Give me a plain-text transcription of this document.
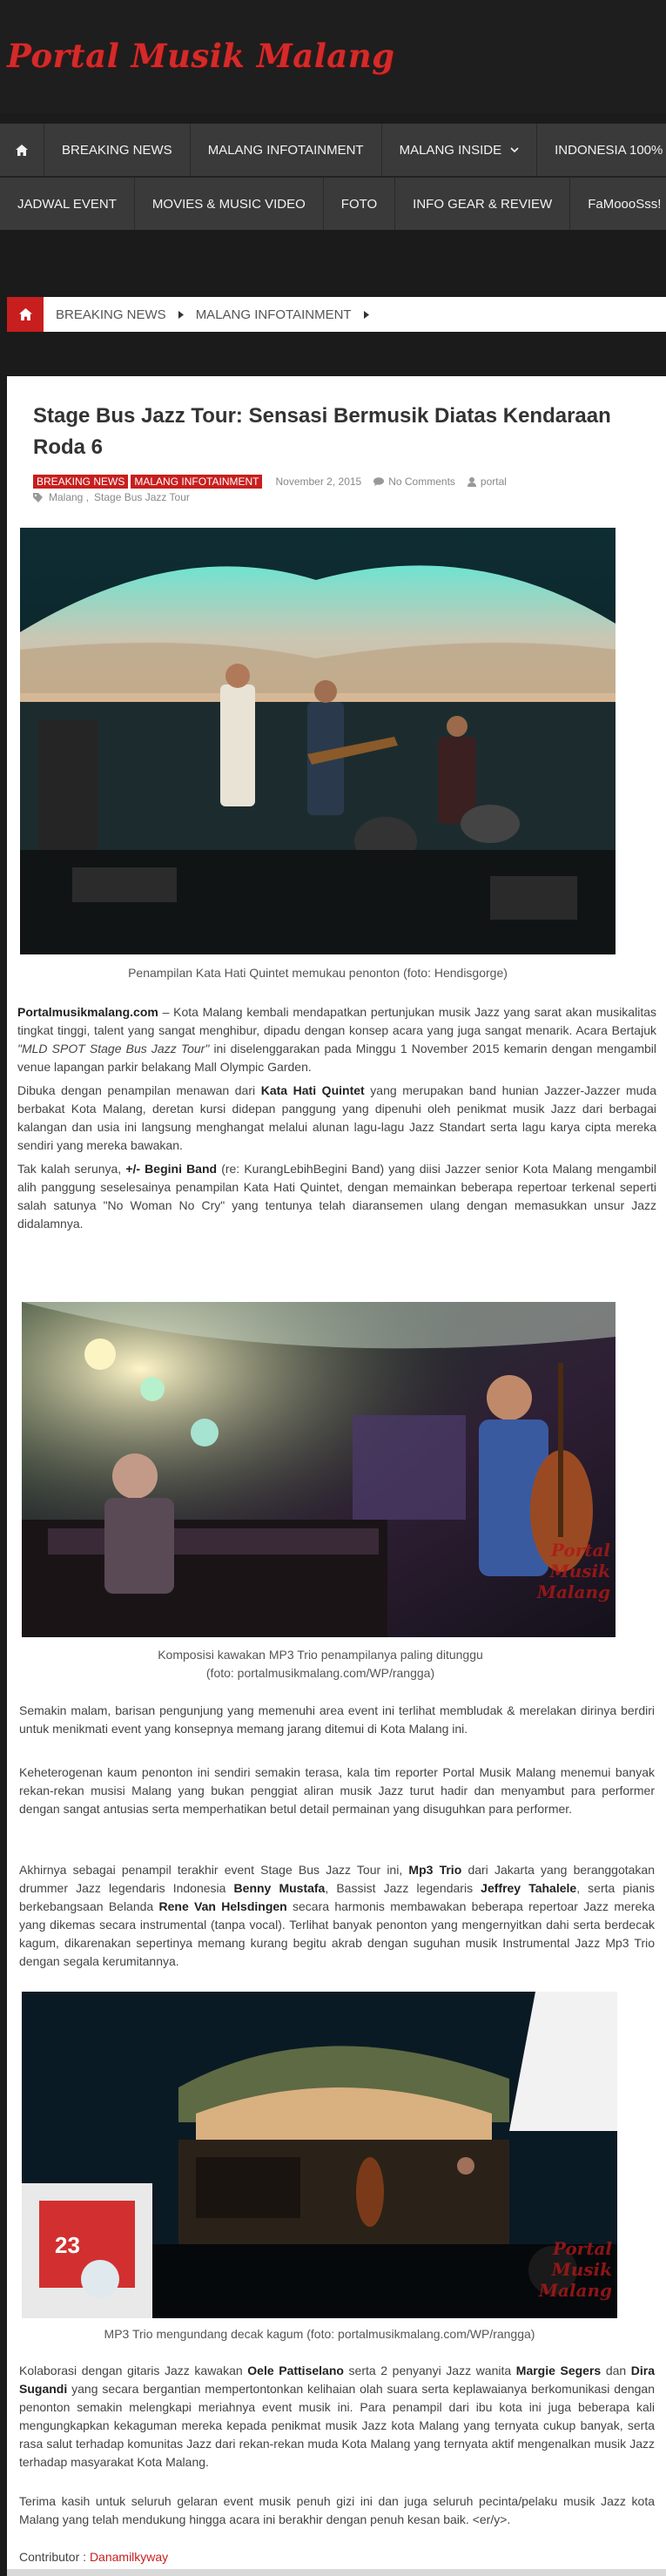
Portal Musik Malang
BREAKING NEWS	MALANG INFOTAINMENT	MALANG INSIDE	INDONESIA 100%
JADWAL EVENT	MOVIES & MUSIC VIDEO	FOTO	INFO GEAR & REVIEW	FaMoooSss!
BREAKING NEWS MALANG INFOTAINMENT
Stage Bus Jazz Tour: Sensasi Bermusik Diatas Kendaraan Roda 6
BREAKING NEWS MALANG INFOTAINMENT	November 2, 2015	No Comments portal
Malang , Stage Bus Jazz Tour
Penampilan Kata Hati Quintet memukau penonton (foto: Hendisgorge)

Portalmusikmalang.com – Kota Malang kembali mendapatkan pertunjukan musik Jazz yang sarat akan musikalitas tingkat tinggi, talent yang sangat menghibur, dipadu dengan konsep acara yang juga sangat menarik. Acara Bertajuk "MLD SPOT Stage Bus Jazz Tour" ini diselenggarakan pada Minggu 1 November 2015 kemarin dengan mengambil venue lapangan parkir belakang Mall Olympic Garden.

Dibuka dengan penampilan menawan dari Kata Hati Quintet yang merupakan band hunian Jazzer-Jazzer muda berbakat Kota Malang, deretan kursi didepan panggung yang dipenuhi oleh penikmat musik Jazz dari berbagai kalangan dan usia ini langsung menghangat melalui alunan lagu-lagu Jazz Standart serta lagu karya cipta mereka sendiri yang mereka bawakan.

Tak kalah serunya, +/- Begini Band (re: KurangLebihBegini Band) yang diisi Jazzer senior Kota Malang mengambil alih panggung seselesainya penampilan Kata Hati Quintet, dengan memainkan beberapa repertoar terkenal seperti salah satunya "No Woman No Cry" yang tentunya telah diaransemen ulang dengan memasukkan unsur Jazz didalamnya.

Portal Musik Malang
Komposisi kawakan MP3 Trio penampilanya paling ditunggu (foto: portalmusikmalang.com/WP/rangga)

Semakin malam, barisan pengunjung yang memenuhi area event ini terlihat membludak & merelakan dirinya berdiri untuk menikmati event yang konsepnya memang jarang ditemui di Kota Malang ini.

Keheterogenan kaum penonton ini sendiri semakin terasa, kala tim reporter Portal Musik Malang menemui banyak rekan-rekan musisi Malang yang bukan penggiat aliran musik Jazz turut hadir dan menyambut para performer dengan sangat antusias serta memperhatikan betul detail permainan yang disuguhkan para performer.

Akhirnya sebagai penampil terakhir event Stage Bus Jazz Tour ini, Mp3 Trio dari Jakarta yang beranggotakan drummer Jazz legendaris Indonesia Benny Mustafa, Bassist Jazz legendaris Jeffrey Tahalele, serta pianis berkebangsaan Belanda Rene Van Helsdingen secara harmonis membawakan beberapa repertoar Jazz mereka yang dikemas secara instrumental (tanpa vocal). Terlihat banyak penonton yang mengernyitkan dahi serta berdecak kagum, dikarenakan sepertinya memang kurang begitu akrab dengan suguhan musik Instrumental Jazz Mp3 Trio dengan segala kerumitannya.

23	Portal Musik Malang
MP3 Trio mengundang decak kagum (foto: portalmusikmalang.com/WP/rangga)

Kolaborasi dengan gitaris Jazz kawakan Oele Pattiselano serta 2 penyanyi Jazz wanita Margie Segers dan Dira Sugandi yang secara bergantian mempertontonkan kelihaian olah suara serta keplawaianya berkomunikasi dengan penonton semakin melengkapi meriahnya event musik ini. Para penampil dari ibu kota ini juga beberapa kali mengungkapkan kekaguman mereka kepada penikmat musik Jazz kota Malang yang ternyata cukup banyak, serta rasa salut terhadap komunitas Jazz dari rekan-rekan muda Kota Malang yang ternyata aktif mengenalkan musik Jazz terhadap masyarakat Kota Malang.

Terima kasih untuk seluruh gelaran event musik penuh gizi ini dan juga seluruh pecinta/pelaku musik Jazz kota Malang yang telah mendukung hingga acara ini berakhir dengan penuh kesan baik. <er/y>.

Contributor : Danamilkyway
